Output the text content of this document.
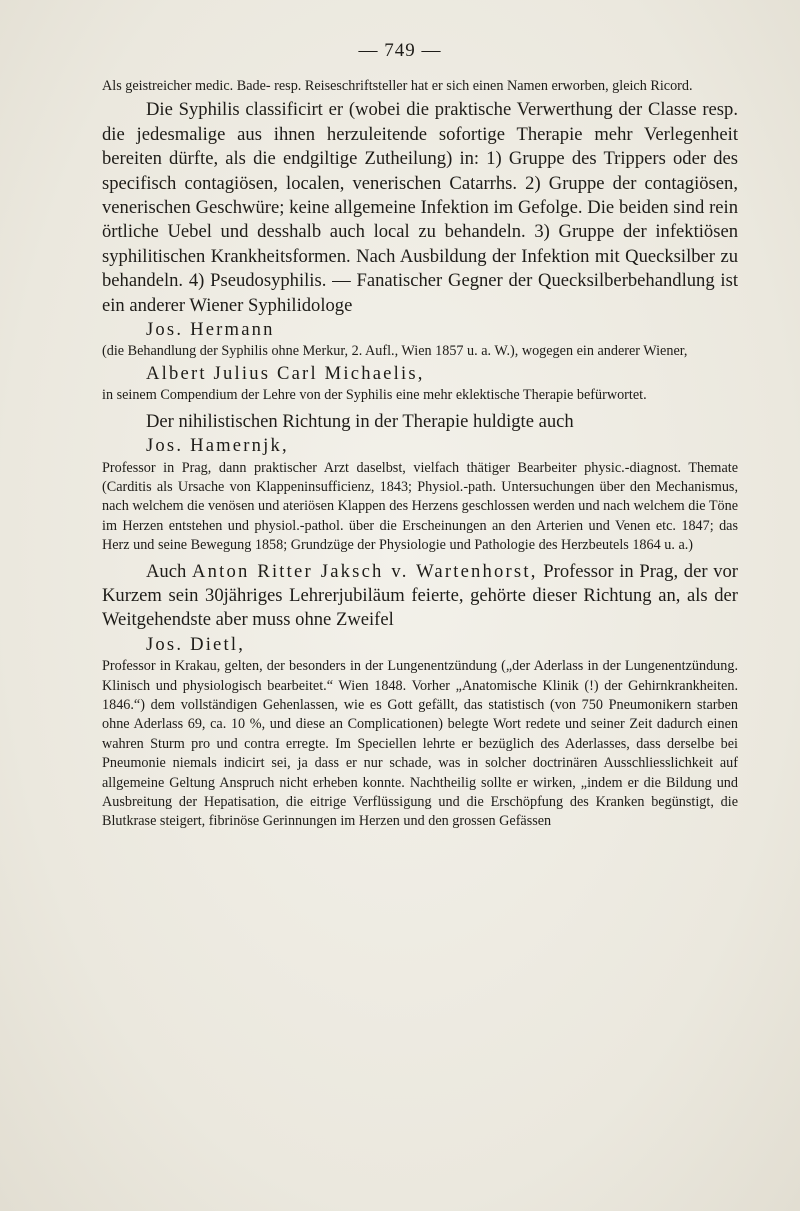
— 749 —

Als geistreicher medic. Bade- resp. Reiseschriftsteller hat er sich einen Namen erworben, gleich Ricord.

Die Syphilis classificirt er (wobei die praktische Verwerthung der Classe resp. die jedesmalige aus ihnen herzuleitende sofortige Therapie mehr Verlegenheit bereiten dürfte, als die endgiltige Zutheilung) in: 1) Gruppe des Trippers oder des specifisch contagiösen, localen, venerischen Catarrhs. 2) Gruppe der contagiösen, venerischen Geschwüre; keine allgemeine Infektion im Gefolge. Die beiden sind rein örtliche Uebel und desshalb auch local zu behandeln. 3) Gruppe der infektiösen syphilitischen Krankheitsformen. Nach Ausbildung der Infektion mit Quecksilber zu behandeln. 4) Pseudosyphilis. — Fanatischer Gegner der Quecksilberbehandlung ist ein anderer Wiener Syphilidologe

Jos. Hermann

(die Behandlung der Syphilis ohne Merkur, 2. Aufl., Wien 1857 u. a. W.), wogegen ein anderer Wiener,

Albert Julius Carl Michaelis,

in seinem Compendium der Lehre von der Syphilis eine mehr eklektische Therapie befürwortet.

Der nihilistischen Richtung in der Therapie huldigte auch

Jos. Hamernjk,

Professor in Prag, dann praktischer Arzt daselbst, vielfach thätiger Bearbeiter physic.-diagnost. Themate (Carditis als Ursache von Klappeninsufficienz, 1843; Physiol.-path. Untersuchungen über den Mechanismus, nach welchem die venösen und ateriösen Klappen des Herzens geschlossen werden und nach welchem die Töne im Herzen entstehen und physiol.-pathol. über die Erscheinungen an den Arterien und Venen etc. 1847; das Herz und seine Bewegung 1858; Grundzüge der Physiologie und Pathologie des Herzbeutels 1864 u. a.)

Auch Anton Ritter Jaksch v. Wartenhorst, Professor in Prag, der vor Kurzem sein 30jähriges Lehrerjubiläum feierte, gehörte dieser Richtung an, als der Weitgehendste aber muss ohne Zweifel

Jos. Dietl,

Professor in Krakau, gelten, der besonders in der Lungenentzündung („der Aderlass in der Lungenentzündung. Klinisch und physiologisch bearbeitet.“ Wien 1848. Vorher „Anatomische Klinik (!) der Gehirnkrankheiten. 1846.“) dem vollständigen Gehenlassen, wie es Gott gefällt, das statistisch (von 750 Pneumonikern starben ohne Aderlass 69, ca. 10 %, und diese an Complicationen) belegte Wort redete und seiner Zeit dadurch einen wahren Sturm pro und contra erregte. Im Speciellen lehrte er bezüglich des Aderlasses, dass derselbe bei Pneumonie niemals indicirt sei, ja dass er nur schade, was in solcher doctrinären Ausschliesslichkeit auf allgemeine Geltung Anspruch nicht erheben konnte. Nachtheilig sollte er wirken, „indem er die Bildung und Ausbreitung der Hepatisation, die eitrige Verflüssigung und die Erschöpfung des Kranken begünstigt, die Blutkrase steigert, fibrinöse Gerinnungen im Herzen und den grossen Gefässen
